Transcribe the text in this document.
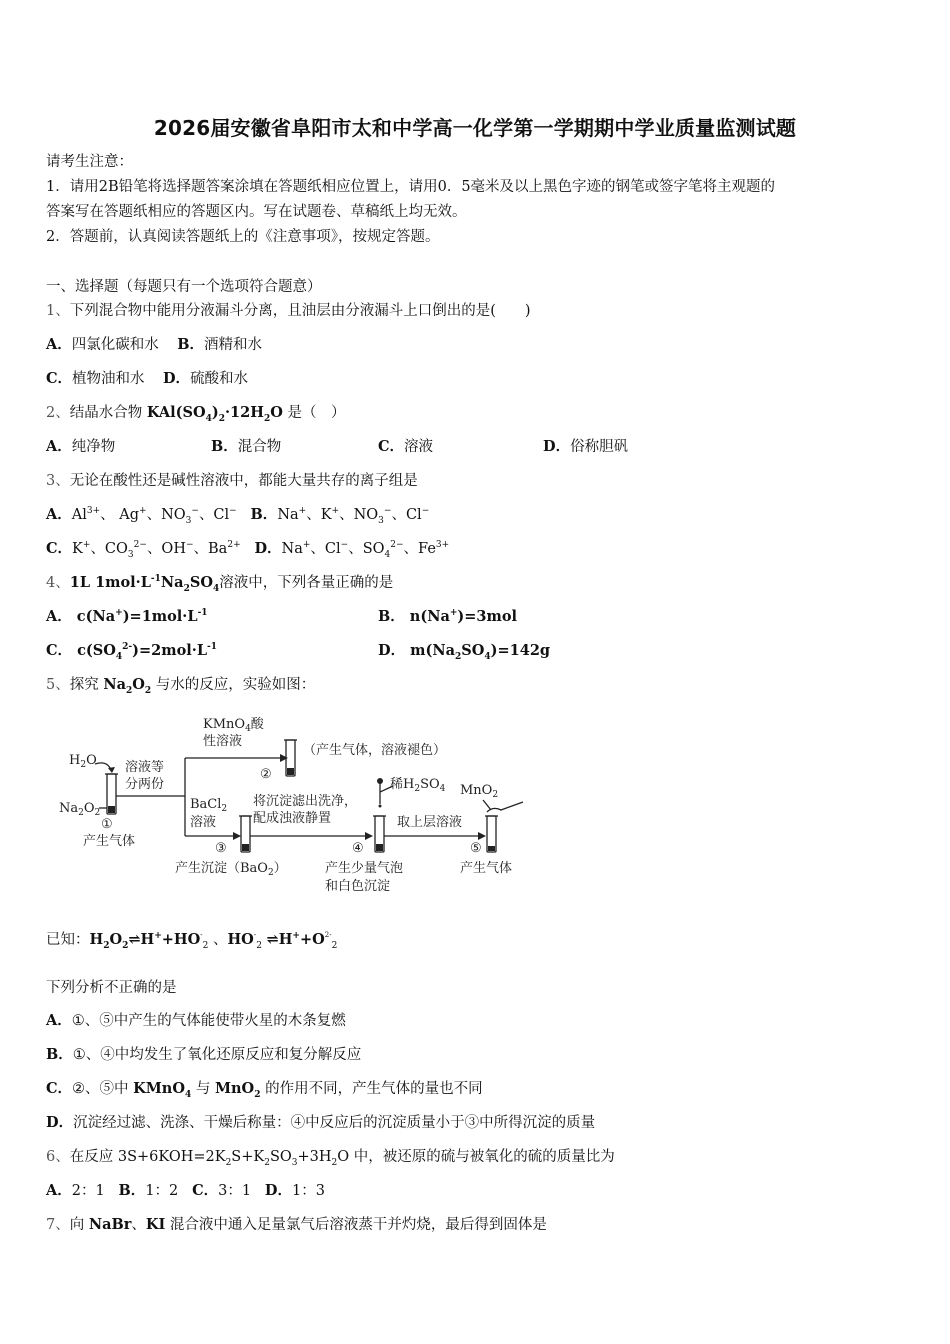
2026届安徽省阜阳市太和中学高一化学第一学期期中学业质量监测试题
请考生注意：
1．请用2B铅笔将选择题答案涂填在答题纸相应位置上，请用0．5毫米及以上黑色字迹的钢笔或签字笔将主观题的
答案写在答题纸相应的答题区内。写在试题卷、草稿纸上均无效。
2．答题前，认真阅读答题纸上的《注意事项》，按规定答题。
一、选择题（每题只有一个选项符合题意）
1、下列混合物中能用分液漏斗分离，且油层由分液漏斗上口倒出的是(　　)
A．四氯化碳和水 B．酒精和水
C．植物油和水 D．硫酸和水
2、结晶水合物 $KAl(SO_4)_2\cdot 12H_2O$ 是（　）
A．纯净物	B．混合物	C．溶液	D．俗称胆矾
3、无论在酸性还是碱性溶液中，都能大量共存的离子组是
A．$Al^{3+}$、 Ag+、$NO_3^-$、Cl− B．Na+、K+、$NO_3^-$、Cl−
C．K+、$CO_3^{2-}$、OH−、$Ba^{2+}$ D．Na+、Cl−、$SO_4^{2-}$、$Fe^{3+}$
4、1L $1mol\cdot L^{-1}Na_2SO_4$溶液中，下列各量正确的是
A． $c(Na^+)=1mol\cdot L^{-1}$	B． n(Na+)=3mol
C． $c(SO_4^{2-})=2mol\cdot L^{-1}$	D． $m(Na_2SO_4)=142g$
5、探究 $Na_2O_2$ 与水的反应，实验如图：
$H_2O$
$Na_2O_2$
溶液等
分两份
KMnO$_4$酸
性溶液
BaCl$_2$
溶液
将沉淀滤出洗净，
配成浊液静置
稀$H_2SO_4$
取上层溶液
MnO$_2$
（产生气体，溶液褪色）
①
产生气体
②
③
产生沉淀（BaO$_2$）
④
产生少量气泡
和白色沉淀
⑤
产生气体
已知：$H_2O_2\rightleftharpoons H^++HO^-_2$ 、$HO^-_2$ $\rightleftharpoons H^++O^{2-}_2$
下列分析不正确的是
A．①、⑤中产生的气体能使带火星的木条复燃
B．①、④中均发生了氧化还原反应和复分解反应
C．②、⑤中 KMnO$_4$ 与 MnO$_2$ 的作用不同，产生气体的量也不同
D．沉淀经过滤、洗涤、干燥后称量：④中反应后的沉淀质量小于③中所得沉淀的质量
6、在反应 $3S+6KOH=2K_2S+K_2SO_3+3H_2O$ 中，被还原的硫与被氧化的硫的质量比为
A．2：1 B．1：2 C．3：1 D．1：3
7、向 NaBr、KI 混合液中通入足量氯气后溶液蒸干并灼烧，最后得到固体是
